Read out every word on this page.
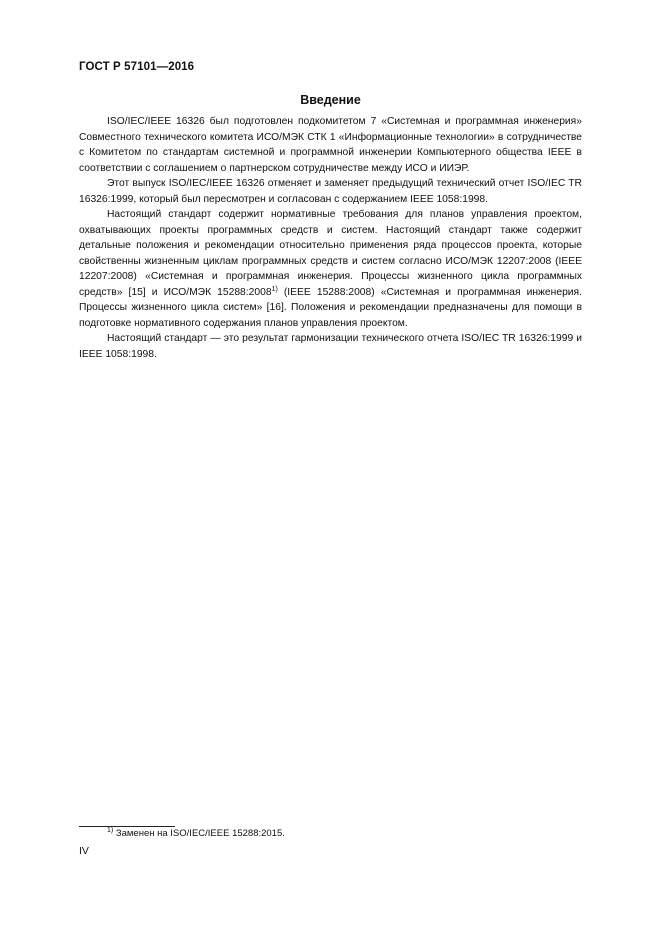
ГОСТ Р 57101—2016
Введение

ISO/IEC/IEEE 16326 был подготовлен подкомитетом 7 «Системная и программная инженерия» Совместного технического комитета ИСО/МЭК СТК 1 «Информационные технологии» в сотрудничестве с Комитетом по стандартам системной и программной инженерии Компьютерного общества IEEE в соответствии с соглашением о партнерском сотрудничестве между ИСО и ИИЭР.

Этот выпуск ISO/IEC/IEEE 16326 отменяет и заменяет предыдущий технический отчет ISO/IEC TR 16326:1999, который был пересмотрен и согласован с содержанием IEEE 1058:1998.

Настоящий стандарт содержит нормативные требования для планов управления проектом, охватывающих проекты программных средств и систем. Настоящий стандарт также содержит детальные положения и рекомендации относительно применения ряда процессов проекта, которые свойственны жизненным циклам программных средств и систем согласно ИСО/МЭК 12207:2008 (IEEE 12207:2008) «Системная и программная инженерия. Процессы жизненного цикла программных средств» [15] и ИСО/МЭК 15288:2008$^{1)}$ (IEEE 15288:2008) «Системная и программная инженерия. Процессы жизненного цикла систем» [16]. Положения и рекомендации предназначены для помощи в подготовке нормативного содержания планов управления проектом.

Настоящий стандарт — это результат гармонизации технического отчета ISO/IEC TR 16326:1999 и IEEE 1058:1998.

$^{1)}$ Заменен на ISO/IEC/IEEE 15288:2015.
IV
